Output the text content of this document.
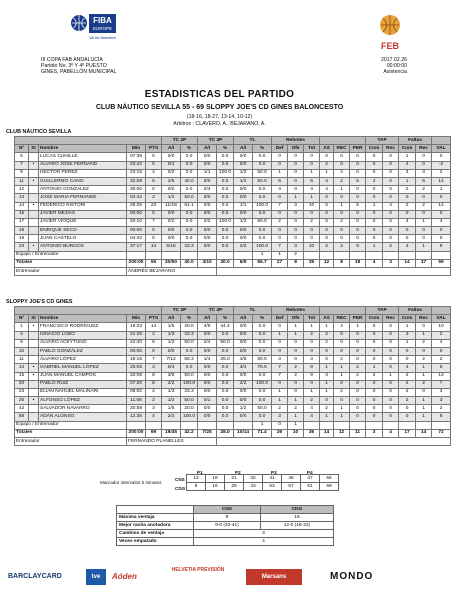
FIBA
EUROPE
We Are Basketball
FEB
III COPA FAB ANDALUCÍA
Partido No. 3º Y 4º PUESTO
GINES, PABELLÓN MUNICIPAL
2017.02.26
00:00:00
Asistencia
ESTADISTICAS DEL PARTIDO
CLUB NÁUTICO SEVILLA 55 - 69 SLOPPY JOE'S CD GINES BALONCESTO
(18-16, 18-27, 13-14, 10-12)
Arbitros : CLAVERO, A., BEJARANO, A.
CLUB NÁUTICO SEVILLA
					TC 2P		TC 3P		TL		Rebotes						TAP		Faltas		
Nº	SI	Nombre	Min	PTS	A/I	%	A/I	%	A/I	%	Def	Ofe	Tot	AS	REC	PER	Com	Rec	Com	Rec	VAL
6		LUCAS CUNILLE	07:39	0	0/0	0.0	0/0	0.0	0/0	0.0	0	0	0	0	0	0	0	0	1	0	0
7	•	ALVARO JOSE FERNAND	23:42	0	0/1	0.0	0/0	0.0	0/0	0.0	0	0	0	2	0	0	0	0	4	0	-2
9		HECTOR PEREZ	23:15	4	0/2	0.0	1/1	100.0	1/2	50.0	1	0	1	1	2	0	0	0	3	3	2
11	•	GUILLERMO CANO	32:08	5	2/5	40.0	0/0	0.0	1/2	50.0	5	0	5	4	2	5	2	0	1	6	14
12		ANTONIO GONZALEZ	30:00	0	0/2	0.0	0/4	0.0	0/0	0.0	4	0	4	4	1	0	0	0	2	2	1
13		JOSE MARIA FERNANDE	04:42	2	1/2	50.0	0/0	0.0	0/0	0.0	0	1	1	0	0	0	0	0	0	0	0
14	•	FEDERICO RISTORI	26:25	23	11/18	61.1	0/0	0.0	1/1	100.0	7	3	10	0	1	5	1	4	2	2	14
15		JAVIER MEJIAS	00:00	0	0/0	0.0	0/0	0.0	0/0	0.0	0	0	0	0	0	0	0	0	0	0	0
17		JAVIER VIOQUE	20:10	7	0/2	0.0	2/2	100.0	1/2	50.0	2	0	2	0	2	0	0	0	4	1	4
18		ENRIQUE SECO	00:00	0	0/0	0.0	0/0	0.0	0/0	0.0	0	0	0	0	0	0	0	0	0	0	0
19		JUAN CASTELO	04:42	0	0/0	0.0	0/0	0.0	0/0	0.0	0	0	0	0	0	0	0	0	0	0	0
23	•	ANTONIO BURGOS	37:17	14	5/18	33.3	0/0	0.0	2/2	100.0	7	3	10	2	2	8	1	2	3	1	9
Equipo / Entrenador										1	1	2									
Totales			200:00	55	20/50	40.0	3/10	30.0	6/9	66.7	27	8	35	12	8	18	4	3	14	17	59
Entrenador			ANDRÉS BEJARANO																		
SLOPPY JOE'S CD GINES
					TC 2P		TC 3P		TL		Rebotes						TAP		Faltas		
Nº	SI	Nombre	Min	PTS	A/I	%	A/I	%	A/I	%	Def	Ofe	Tot	AS	REC	PER	Com	Rec	Com	Rec	VAL
1	•	FRANCISCO RODRÍGUEZ	19:23	14	1/5	20.0	4/9	44.4	0/0	0.0	0	1	1	1	4	1	0	0	1	0	10
4		IGNACIO LOBO	21:25	2	1/3	33.3	0/0	0.0	0/0	0.0	1	1	2	2	0	0	0	0	3	1	2
8		ALVARO ACEYTUNO	22:40	6	1/2	50.0	2/4	50.0	0/0	0.0	0	0	0	2	0	0	0	0	1	2	4
10		PABLO GONZÁLEZ	00:00	0	0/0	0.0	0/0	0.0	0/0	0.0	0	0	0	0	0	0	0	0	0	0	0
11		ÁLVARO LÓPEZ	18:16	7	7/12	58.3	1/4	25.0	4/5	80.0	3	0	3	0	2	0	0	0	0	2	2
13	•	GABRIEL MANUEL LÓPEZ	25:05	3	0/4	0.0	0/0	0.0	3/4	75.0	7	2	9	1	1	2	1	0	4	1	5
15	•	JUAN MANUEL CAMPOS	33:08	8	3/6	50.0	0/0	0.0	0/0	0.0	7	2	9	3	1	2	2	1	2	1	13
20		PABLO RUIZ	07:20	8	2/2	100.0	0/0	0.0	2/2	100.0	0	0	0	1	0	0	0	0	2	2	7
23		ELIAN NAHUEL MALINARI	08:00	2	1/3	33.3	0/0	0.0	0/0	0.0	1	0	1	1	2	0	0	0	2	0	3
25	•	ALFONSO LÓPEZ	11:06	2	1/2	50.0	0/1	0.0	0/0	0.0	1	1	2	0	0	0	0	0	2	1	3
42		SALVADOR NAVARRO	20:59	3	1/5	20.0	0/0	0.0	1/2	50.0	2	2	4	2	1	0	0	0	0	1	2
88		ADÁN ALONSO	12:35	4	2/2	100.0	0/0	0.0	0/0	0.0	3	1	4	1	1	0	0	0	0	1	8
Equipo / Entrenador										1	0	1									
Totales			200:00	69	19/45	42.2	7/25	28.0	10/14	71.4	26	10	36	14	12	11	3	4	17	14	72
Entrenador			FERNANDO PLANELLES																		
Marcador intervalos 5 minutos
P1	P2	P3	P4
CNS
CDG
13	18	21	32	41	45	47	55
9	16	29	43	53	57	61	69
	CNS	CDG
Máxima ventaja	8	19
Mejor racha anotadora	9-0 (32-41)	12-0 (18-22)
Cambios de ventaja	3	
Veces empatado	4	
BARCLAYCARD	tve	Aóden
HELVETIA PREVISIÓN
Marsans	MONDO
